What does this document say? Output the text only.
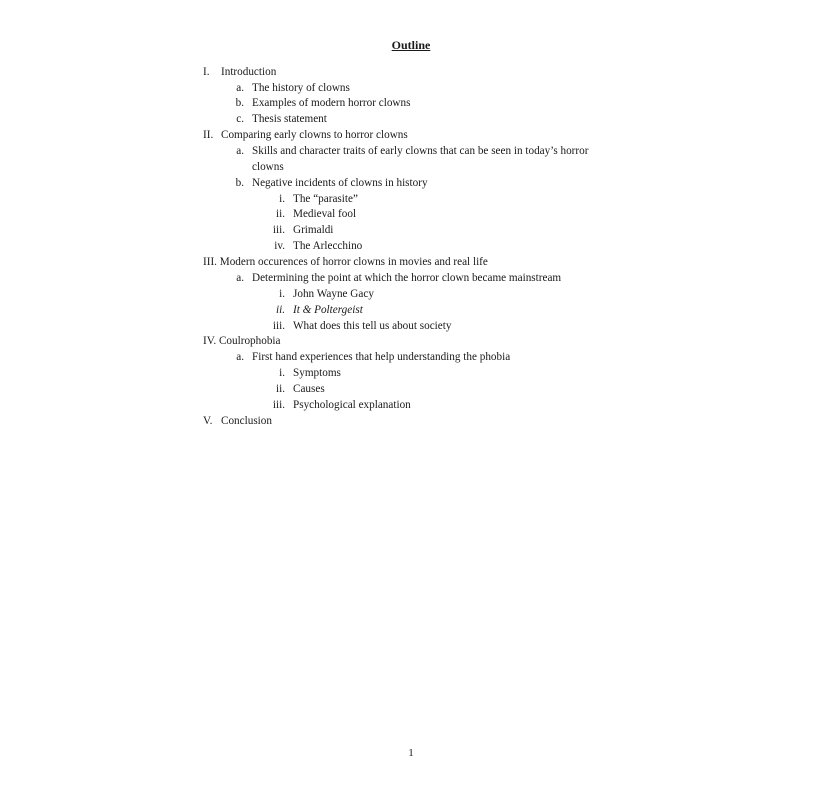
Outline
I. Introduction
a. The history of clowns
b. Examples of modern horror clowns
c. Thesis statement
II. Comparing early clowns to horror clowns
a. Skills and character traits of early clowns that can be seen in today’s horror
clowns
b. Negative incidents of clowns in history
i. The “parasite”
ii. Medieval fool
iii. Grimaldi
iv. The Arlecchino
III. Modern occurences of horror clowns in movies and real life
a. Determining the point at which the horror clown became mainstream
i. John Wayne Gacy
ii. It & Poltergeist
iii. What does this tell us about society
IV. Coulrophobia
a. First hand experiences that help understanding the phobia
i. Symptoms
ii. Causes
iii. Psychological explanation
V. Conclusion
1
